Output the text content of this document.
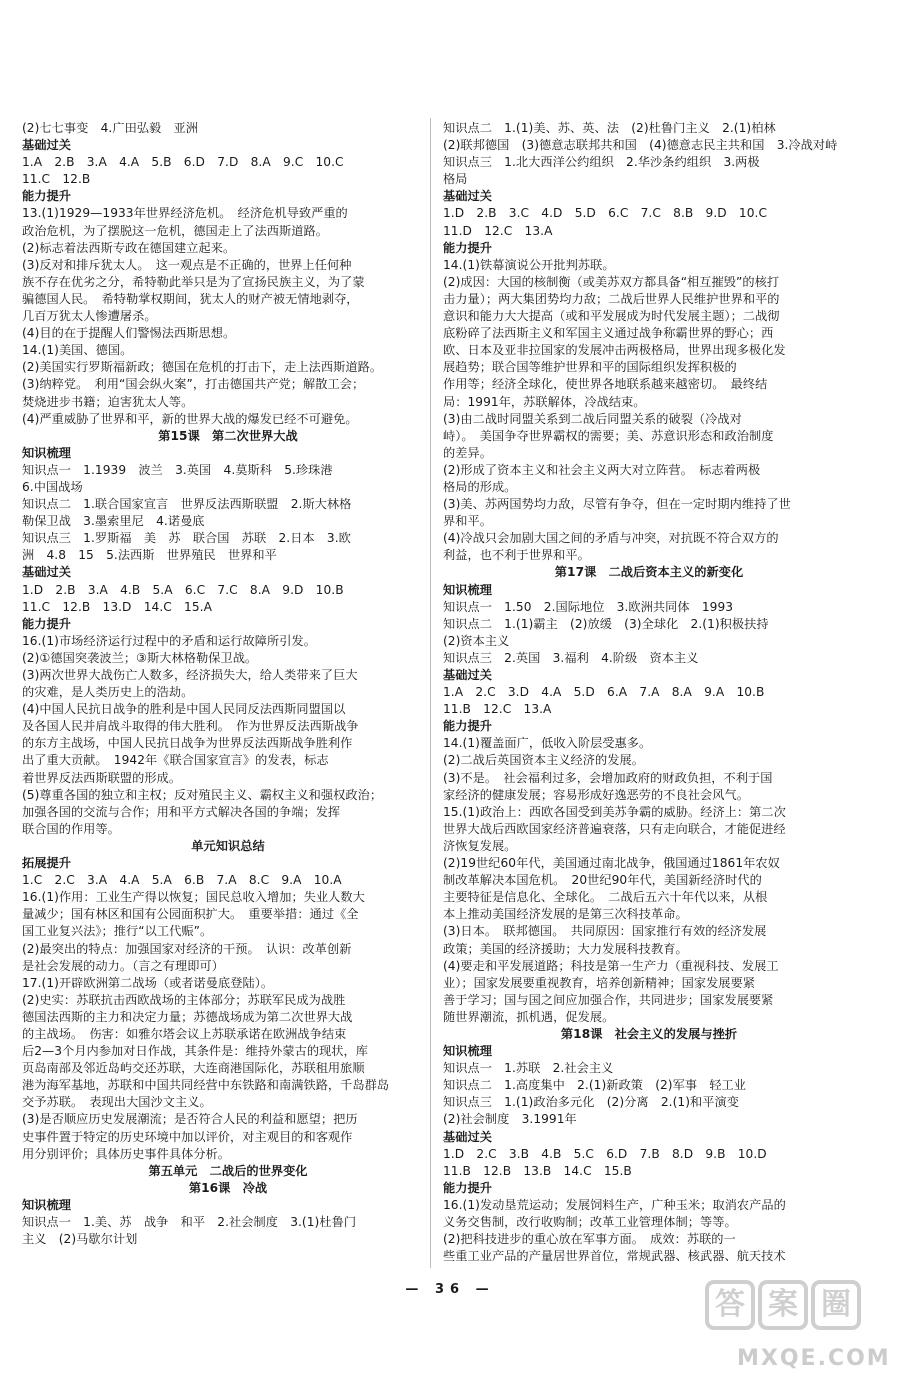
(2)七七事变　4.广田弘毅　亚洲
基础过关
1.A　2.B　3.A　4.A　5.B　6.D　7.D　8.A　9.C　10.C
11.C　12.B
能力提升
13.(1)1929—1933年世界经济危机。　经济危机导致严重的
政治危机，为了摆脱这一危机，德国走上了法西斯道路。
(2)标志着法西斯专政在德国建立起来。
(3)反对和排斥犹太人。　这一观点是不正确的，世界上任何种
族不存在优劣之分，希特勒此举只是为了宣扬民族主义，为了蒙
骗德国人民。　希特勒掌权期间，犹太人的财产被无情地剥夺，
几百万犹太人惨遭屠杀。
(4)目的在于提醒人们警惕法西斯思想。
14.(1)美国、德国。
(2)美国实行罗斯福新政；德国在危机的打击下，走上法西斯道路。
(3)纳粹党。　利用“国会纵火案”，打击德国共产党；解散工会；
焚烧进步书籍；迫害犹太人等。
(4)严重威胁了世界和平，新的世界大战的爆发已经不可避免。
第15课　第二次世界大战
知识梳理
知识点一　1.1939　波兰　3.英国　4.莫斯科　5.珍珠港
6.中国战场
知识点二　1.联合国家宣言　世界反法西斯联盟　2.斯大林格
勒保卫战　3.墨索里尼　4.诺曼底
知识点三　1.罗斯福　美　苏　联合国　苏联　2.日本　3.欧
洲　4.8　15　5.法西斯　世界殖民　世界和平
基础过关
1.D　2.B　3.A　4.B　5.A　6.C　7.C　8.A　9.D　10.B
11.C　12.B　13.D　14.C　15.A
能力提升
16.(1)市场经济运行过程中的矛盾和运行故障所引发。
(2)①德国突袭波兰；③斯大林格勒保卫战。
(3)两次世界大战伤亡人数多，经济损失大，给人类带来了巨大
的灾难，是人类历史上的浩劫。
(4)中国人民抗日战争的胜利是中国人民同反法西斯同盟国以
及各国人民并肩战斗取得的伟大胜利。　作为世界反法西斯战争
的东方主战场，中国人民抗日战争为世界反法西斯战争胜利作
出了重大贡献。　1942年《联合国家宣言》的发表，标志
着世界反法西斯联盟的形成。
(5)尊重各国的独立和主权；反对殖民主义、霸权主义和强权政治；
加强各国的交流与合作；用和平方式解决各国的争端；发挥
联合国的作用等。
单元知识总结
拓展提升
1.C　2.C　3.A　4.A　5.A　6.B　7.A　8.C　9.A　10.A
16.(1)作用：工业生产得以恢复；国民总收入增加；失业人数大
量减少；国有林区和国有公园面积扩大。　重要举措：通过《全
国工业复兴法》；推行“以工代赈”。
(2)最突出的特点：加强国家对经济的干预。　认识：改革创新
是社会发展的动力。（言之有理即可）
17.(1)开辟欧洲第二战场（或者诺曼底登陆）。
(2)史实：苏联抗击西欧战场的主体部分；苏联军民成为战胜
德国法西斯的主力和决定力量；苏德战场成为第二次世界大战
的主战场。　伤害：如雅尔塔会议上苏联承诺在欧洲战争结束
后2—3个月内参加对日作战，其条件是：维持外蒙古的现状，库
页岛南部及邻近岛屿交还苏联，大连商港国际化，苏联租用旅顺
港为海军基地，苏联和中国共同经营中东铁路和南满铁路，千岛群岛
交予苏联。　表现出大国沙文主义。
(3)是否顺应历史发展潮流；是否符合人民的利益和愿望；把历
史事件置于特定的历史环境中加以评价，对主观目的和客观作
用分别评价；具体历史事件具体分析。
第五单元　二战后的世界变化
第16课　冷战
知识梳理
知识点一　1.美、苏　战争　和平　2.社会制度　3.(1)杜鲁门
主义　(2)马歇尔计划
知识点二　1.(1)美、苏、英、法　(2)杜鲁门主义　2.(1)柏林
(2)联邦德国　(3)德意志联邦共和国　(4)德意志民主共和国　3.冷战对峙
知识点三　1.北大西洋公约组织　2.华沙条约组织　3.两极
格局
基础过关
1.D　2.B　3.C　4.D　5.D　6.C　7.C　8.B　9.D　10.C
11.D　12.C　13.A
能力提升
14.(1)铁幕演说公开批判苏联。
(2)成因：大国的核制衡（或美苏双方都具备“相互摧毁”的核打
击力量）；两大集团势均力敌；二战后世界人民维护世界和平的
意识和能力大大提高（或和平发展成为时代发展主题）；二战彻
底粉碎了法西斯主义和军国主义通过战争称霸世界的野心；西
欧、日本及亚非拉国家的发展冲击两极格局，世界出现多极化发
展趋势；联合国等维护世界和平的国际组织发挥积极的
作用等；经济全球化，使世界各地联系越来越密切。　最终结
局：1991年，苏联解体，冷战结束。
(3)由二战时同盟关系到二战后同盟关系的破裂（冷战对
峙）。　美国争夺世界霸权的需要；美、苏意识形态和政治制度
的差异。
(2)形成了资本主义和社会主义两大对立阵营。　标志着两极
格局的形成。
(3)美、苏两国势均力敌，尽管有争夺，但在一定时期内维持了世
界和平。
(4)冷战只会加剧大国之间的矛盾与冲突，对抗既不符合双方的
利益，也不利于世界和平。
第17课　二战后资本主义的新变化
知识梳理
知识点一　1.50　2.国际地位　3.欧洲共同体　1993
知识点二　1.(1)霸主　(2)放缓　(3)全球化　2.(1)积极扶持
(2)资本主义
知识点三　2.英国　3.福利　4.阶级　资本主义
基础过关
1.A　2.C　3.D　4.A　5.D　6.A　7.A　8.A　9.A　10.B
11.B　12.C　13.A
能力提升
14.(1)覆盖面广，低收入阶层受惠多。
(2)二战后英国资本主义经济的发展。
(3)不是。　社会福利过多，会增加政府的财政负担，不利于国
家经济的健康发展；容易形成好逸恶劳的不良社会风气。
15.(1)政治上：西欧各国受到美苏争霸的威胁。经济上：第二次
世界大战后西欧国家经济普遍衰落，只有走向联合，才能促进经
济恢复发展。
(2)19世纪60年代，美国通过南北战争，俄国通过1861年农奴
制改革解决本国危机。　20世纪90年代，美国新经济时代的
主要特征是信息化、全球化。　二战后五六十年代以来，从根
本上推动美国经济发展的是第三次科技革命。
(3)日本。　联邦德国。　共同原因：国家推行有效的经济发展
政策；美国的经济援助；大力发展科技教育。
(4)要走和平发展道路；科技是第一生产力（重视科技、发展工
业）；国家发展要重视教育，培养创新精神；国家发展要紧
善于学习；国与国之间应加强合作，共同进步；国家发展要紧
随世界潮流，抓机遇，促发展。
第18课　社会主义的发展与挫折
知识梳理
知识点一　1.苏联　2.社会主义
知识点二　1.高度集中　2.(1)新政策　(2)军事　轻工业
知识点三　1.(1)政治多元化　(2)分离　2.(1)和平演变
(2)社会制度　3.1991年
基础过关
1.D　2.C　3.B　4.B　5.C　6.D　7.B　8.D　9.B　10.D
11.B　12.B　13.B　14.C　15.B
能力提升
16.(1)发动垦荒运动；发展饲料生产，广种玉米；取消农产品的
义务交售制，改行收购制；改革工业管理体制；等等。
(2)把科技进步的重心放在军事方面。　成效：苏联的一
些重工业产品的产量居世界首位，常规武器、核武器、航天技术
— 36 —	答 案 圈
MXQE.COM
